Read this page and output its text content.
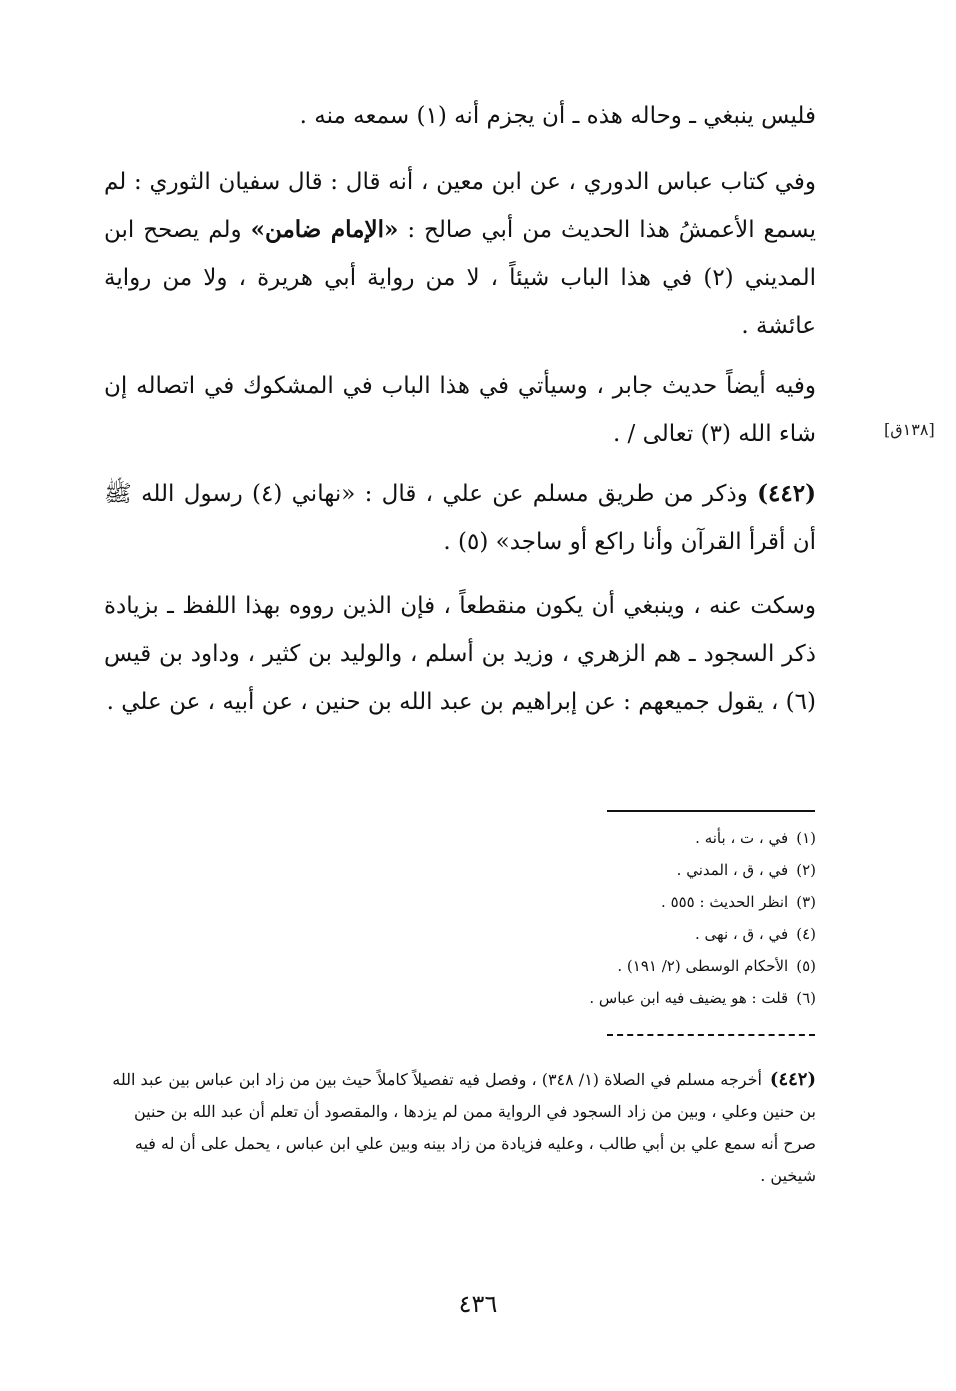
فليس ينبغي ـ وحاله هذه ـ أن يجزم أنه (١) سمعه منه .

وفي كتاب عباس الدوري ، عن ابن معين ، أنه قال : قال سفيان الثوري : لم يسمع الأعمشُ هذا الحديث من أبي صالح : «الإمام ضامن» ولم يصحح ابن المديني (٢) في هذا الباب شيئاً ، لا من رواية أبي هريرة ، ولا من رواية عائشة .

وفيه أيضاً حديث جابر ، وسيأتي في هذا الباب في المشكوك في اتصاله إن شاء الله (٣) تعالى / .	[١٣٨ق]

(٤٤٢) وذكر من طريق مسلم عن علي ، قال : «نهاني (٤) رسول الله ﷺ أن أقرأ القرآن وأنا راكع أو ساجد» (٥) .

وسكت عنه ، وينبغي أن يكون منقطعاً ، فإن الذين رووه بهذا اللفظ ـ بزيادة ذكر السجود ـ هم الزهري ، وزيد بن أسلم ، والوليد بن كثير ، وداود بن قيس (٦) ، يقول جميعهم : عن إبراهيم بن عبد الله بن حنين ، عن أبيه ، عن علي .

(١)في ، ت ، بأنه .
(٢)في ، ق ، المدني .
(٣)انظر الحديث : ٥٥٥ .
(٤)في ، ق ، نهى .
(٥)الأحكام الوسطى (٢/ ١٩١) .
(٦)قلت : هو يضيف فيه ابن عباس .

(٤٤٢)أخرجه مسلم في الصلاة (١/ ٣٤٨) ، وفصل فيه تفصيلاً كاملاً حيث بين من زاد ابن عباس بين عبد الله بن حنين وعلي ، وبين من زاد السجود في الرواية ممن لم يزدها ، والمقصود أن تعلم أن عبد الله بن حنين صرح أنه سمع علي بن أبي طالب ، وعليه فزيادة من زاد بينه وبين علي ابن عباس ، يحمل على أن له فيه شيخين .

٤٣٦
